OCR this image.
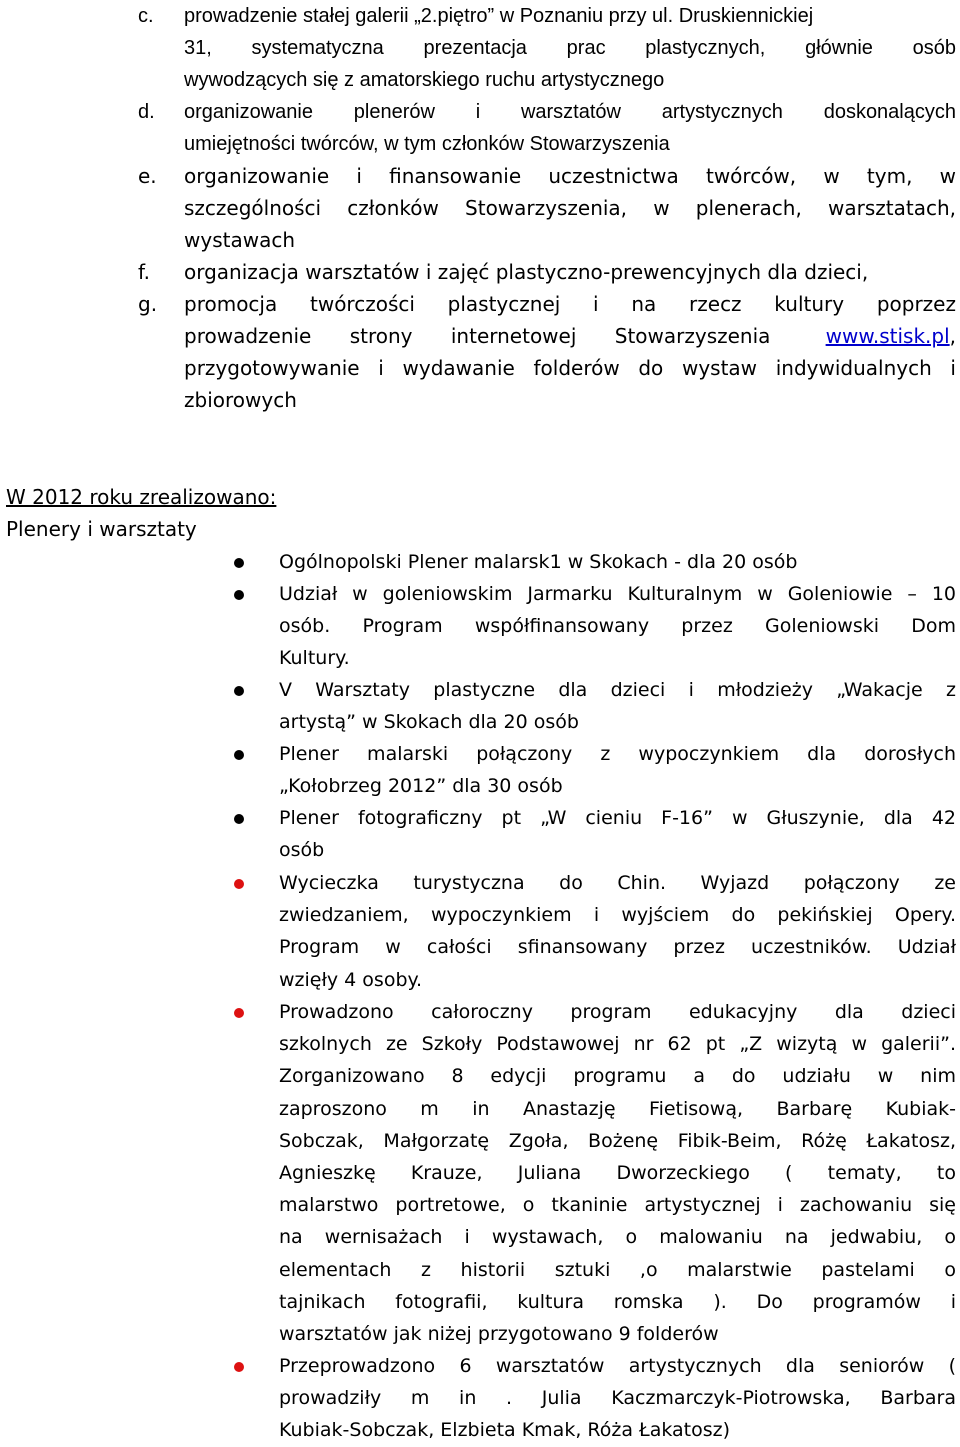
c.	prowadzenie stałej galerii „2.piętro” w Poznaniu przy ul. Druskiennickiej
31, systematyczna prezentacja prac plastycznych, głównie osób
wywodzących się z amatorskiego ruchu artystycznego
d.	organizowanie plenerów i warsztatów artystycznych doskonalących
umiejętności twórców, w tym członków Stowarzyszenia
e.	organizowanie i finansowanie uczestnictwa twórców, w tym, w
szczególności członków Stowarzyszenia, w plenerach, warsztatach,
wystawach
f.	organizacja warsztatów i zajęć plastyczno-prewencyjnych dla dzieci,
g.	promocja twórczości plastycznej i na rzecz kultury poprzez
prowadzenie strony internetowej Stowarzyszenia	www.stisk.pl,
przygotowywanie i wydawanie folderów do wystaw indywidualnych i
zbiorowych
W 2012 roku zrealizowano:
Plenery i warsztaty
Ogólnopolski Plener malarsk1 w Skokach - dla 20 osób
Udział w goleniowskim Jarmarku Kulturalnym w Goleniowie – 10
osób. Program współfinansowany przez Goleniowski Dom
Kultury.
V Warsztaty plastyczne dla dzieci i młodzieży „Wakacje z
artystą” w Skokach dla 20 osób
Plener malarski połączony z wypoczynkiem dla dorosłych
„Kołobrzeg 2012” dla 30 osób
Plener fotograficzny pt „W cieniu F-16” w Głuszynie, dla 42
osób
Wycieczka turystyczna do Chin. Wyjazd połączony ze
zwiedzaniem, wypoczynkiem i wyjściem do pekińskiej Opery.
Program w całości sfinansowany przez uczestników. Udział
wzięły 4 osoby.
Prowadzono całoroczny program edukacyjny dla dzieci
szkolnych ze Szkoły Podstawowej nr 62 pt „Z wizytą w galerii”.
Zorganizowano 8 edycji programu a do udziału w nim
zaproszono m in Anastazję Fietisową, Barbarę Kubiak-
Sobczak, Małgorzatę Zgoła, Bożenę Fibik-Beim, Różę Łakatosz,
Agnieszkę Krauze, Juliana Dworzeckiego ( tematy, to
malarstwo portretowe, o tkaninie artystycznej i zachowaniu się
na wernisażach i wystawach, o malowaniu na jedwabiu, o
elementach z historii sztuki ,o malarstwie pastelami o
tajnikach fotografii, kultura romska ). Do programów i
warsztatów jak niżej przygotowano 9 folderów
Przeprowadzono 6 warsztatów artystycznych dla seniorów (
prowadziły m in . Julia Kaczmarczyk-Piotrowska, Barbara
Kubiak-Sobczak, Elzbieta Kmak, Róża Łakatosz)
